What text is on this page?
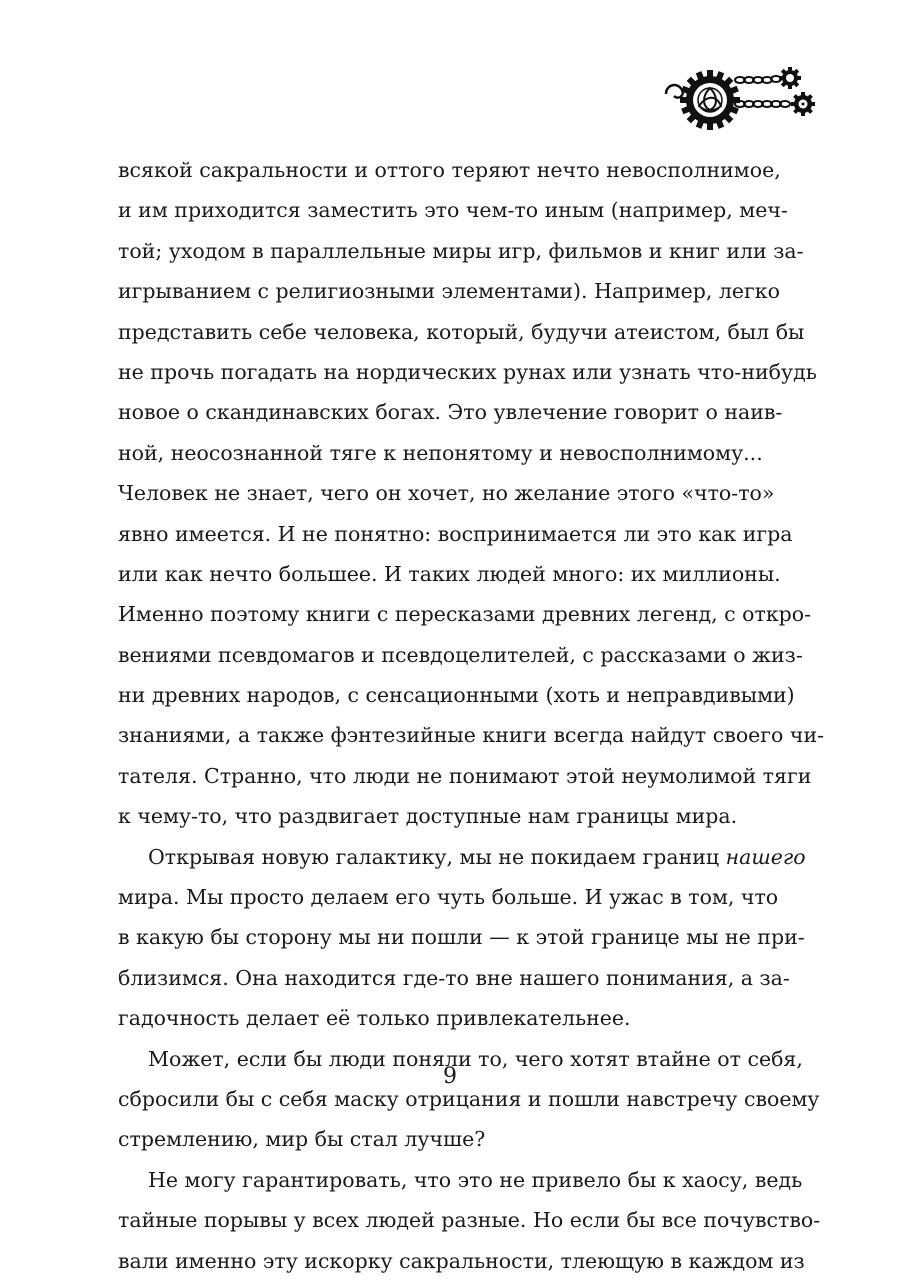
всякой сакральности и оттого теряют нечто невосполнимое,
и им приходится заместить это чем-то иным (например, меч-
той; уходом в параллельные миры игр, фильмов и книг или за-
игрыванием с религиозными элементами). Например, легко
представить себе человека, который, будучи атеистом, был бы
не прочь погадать на нордических рунах или узнать что-нибудь
новое о скандинавских богах. Это увлечение говорит о наив-
ной, неосознанной тяге к непонятому и невосполнимому...
Человек не знает, чего он хочет, но желание этого «что-то»
явно имеется. И не понятно: воспринимается ли это как игра
или как нечто большее. И таких людей много: их миллионы.
Именно поэтому книги с пересказами древних легенд, с откро-
вениями псевдомагов и псевдоцелителей, с рассказами о жиз-
ни древних народов, с сенсационными (хоть и неправдивыми)
знаниями, а также фэнтезийные книги всегда найдут своего чи-
тателя. Странно, что люди не понимают этой неумолимой тяги
к чему-то, что раздвигает доступные нам границы мира.
Открывая новую галактику, мы не покидаем границ нашего
мира. Мы просто делаем его чуть больше. И ужас в том, что
в какую бы сторону мы ни пошли — к этой границе мы не при-
близимся. Она находится где-то вне нашего понимания, а за-
гадочность делает её только привлекательнее.
Может, если бы люди поняли то, чего хотят втайне от себя,
сбросили бы с себя маску отрицания и пошли навстречу своему
стремлению, мир бы стал лучше?
Не могу гарантировать, что это не привело бы к хаосу, ведь
тайные порывы у всех людей разные. Но если бы все почувство-
вали именно эту искорку сакральности, тлеющую в каждом из
9
